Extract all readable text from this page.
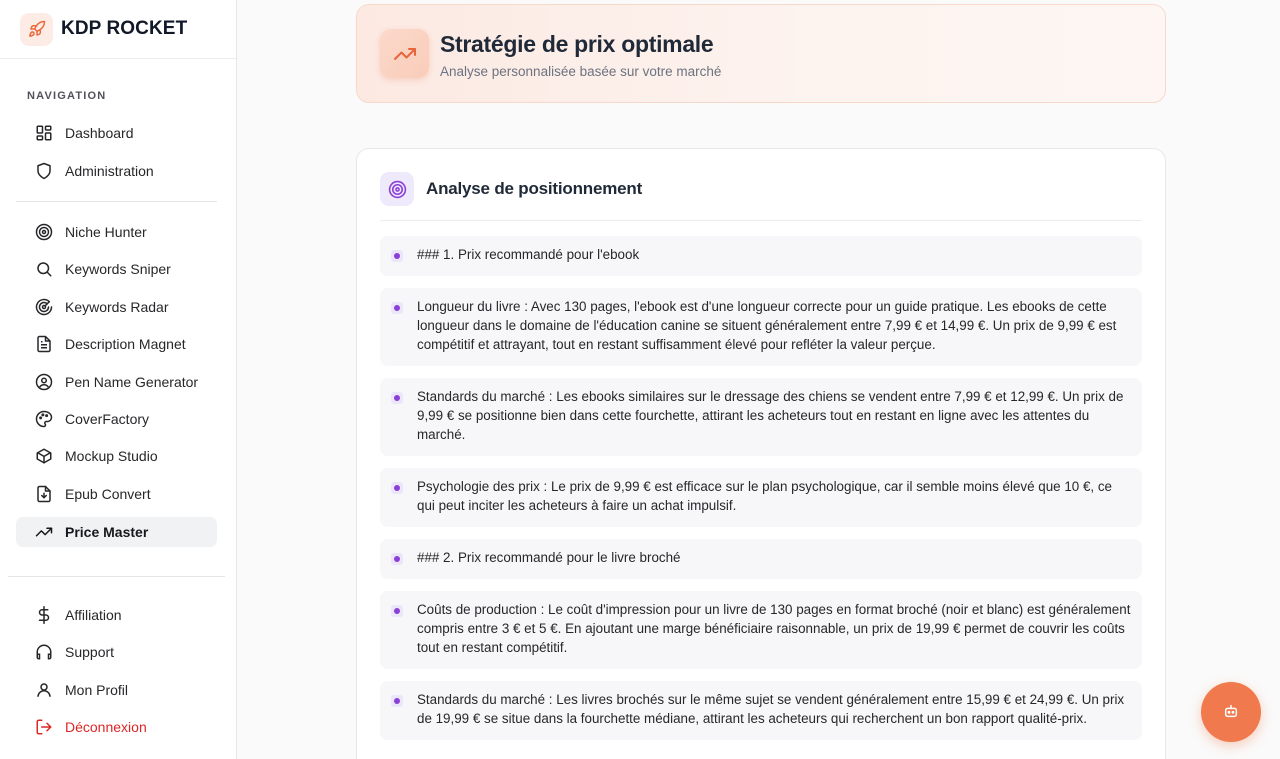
KDP ROCKET
NAVIGATION
Dashboard
Administration
Niche Hunter
Keywords Sniper
Keywords Radar
Description Magnet
Pen Name Generator
CoverFactory
Mockup Studio
Epub Convert
Price Master
Affiliation
Support
Mon Profil
Déconnexion
Stratégie de prix optimale

Analyse personnalisée basée sur votre marché

Analyse de positionnement

### 1. Prix recommandé pour l'ebook

Longueur du livre : Avec 130 pages, l'ebook est d'une longueur correcte pour un guide pratique. Les ebooks de cette longueur dans le domaine de l'éducation canine se situent généralement entre 7,99 € et 14,99 €. Un prix de 9,99 € est compétitif et attrayant, tout en restant suffisamment élevé pour refléter la valeur perçue.

Standards du marché : Les ebooks similaires sur le dressage des chiens se vendent entre 7,99 € et 12,99 €. Un prix de 9,99 € se positionne bien dans cette fourchette, attirant les acheteurs tout en restant en ligne avec les attentes du marché.

Psychologie des prix : Le prix de 9,99 € est efficace sur le plan psychologique, car il semble moins élevé que 10 €, ce qui peut inciter les acheteurs à faire un achat impulsif.

### 2. Prix recommandé pour le livre broché

Coûts de production : Le coût d'impression pour un livre de 130 pages en format broché (noir et blanc) est généralement compris entre 3 € et 5 €. En ajoutant une marge bénéficiaire raisonnable, un prix de 19,99 € permet de couvrir les coûts tout en restant compétitif.

Standards du marché : Les livres brochés sur le même sujet se vendent généralement entre 15,99 € et 24,99 €. Un prix de 19,99 € se situe dans la fourchette médiane, attirant les acheteurs qui recherchent un bon rapport qualité-prix.
